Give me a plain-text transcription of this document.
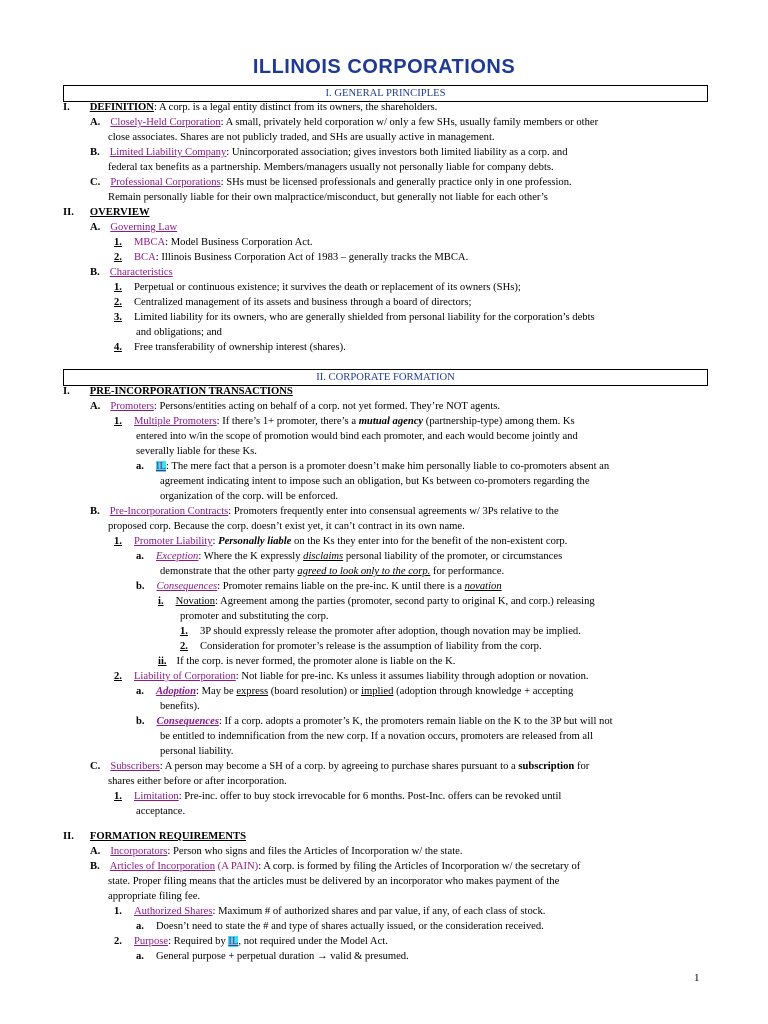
ILLINOIS CORPORATIONS
I. GENERAL PRINCIPLES
I. DEFINITION: A corp. is a legal entity distinct from its owners, the shareholders.
A. Closely-Held Corporation: A small, privately held corporation w/ only a few SHs, usually family members or other
close associates. Shares are not publicly traded, and SHs are usually active in management.
B. Limited Liability Company: Unincorporated association; gives investors both limited liability as a corp. and
federal tax benefits as a partnership. Members/managers usually not personally liable for company debts.
C. Professional Corporations: SHs must be licensed professionals and generally practice only in one profession.
Remain personally liable for their own malpractice/misconduct, but generally not liable for each other’s
II. OVERVIEW
A. Governing Law
1. MBCA: Model Business Corporation Act.
2. BCA: Illinois Business Corporation Act of 1983 – generally tracks the MBCA.
B. Characteristics
1. Perpetual or continuous existence; it survives the death or replacement of its owners (SHs);
2. Centralized management of its assets and business through a board of directors;
3. Limited liability for its owners, who are generally shielded from personal liability for the corporation’s debts
and obligations; and
4. Free transferability of ownership interest (shares).
II. CORPORATE FORMATION
I. PRE-INCORPORATION TRANSACTIONS
A. Promoters: Persons/entities acting on behalf of a corp. not yet formed. They’re NOT agents.
1. Multiple Promoters: If there’s 1+ promoter, there’s a mutual agency (partnership-type) among them. Ks
entered into w/in the scope of promotion would bind each promoter, and each would become jointly and
severally liable for these Ks.
a. IL: The mere fact that a person is a promoter doesn’t make him personally liable to co-promoters absent an
agreement indicating intent to impose such an obligation, but Ks between co-promoters regarding the
organization of the corp. will be enforced.
B. Pre-Incorporation Contracts: Promoters frequently enter into consensual agreements w/ 3Ps relative to the
proposed corp. Because the corp. doesn’t exist yet, it can’t contract in its own name.
1. Promoter Liability: Personally liable on the Ks they enter into for the benefit of the non-existent corp.
a. Exception: Where the K expressly disclaims personal liability of the promoter, or circumstances
demonstrate that the other party agreed to look only to the corp. for performance.
b. Consequences: Promoter remains liable on the pre-inc. K until there is a novation
i. Novation: Agreement among the parties (promoter, second party to original K, and corp.) releasing
promoter and substituting the corp.
1. 3P should expressly release the promoter after adoption, though novation may be implied.
2. Consideration for promoter’s release is the assumption of liability from the corp.
ii. If the corp. is never formed, the promoter alone is liable on the K.
2. Liability of Corporation: Not liable for pre-inc. Ks unless it assumes liability through adoption or novation.
a. Adoption: May be express (board resolution) or implied (adoption through knowledge + accepting
benefits).
b. Consequences: If a corp. adopts a promoter’s K, the promoters remain liable on the K to the 3P but will not
be entitled to indemnification from the new corp. If a novation occurs, promoters are released from all
personal liability.
C. Subscribers: A person may become a SH of a corp. by agreeing to purchase shares pursuant to a subscription for
shares either before or after incorporation.
1. Limitation: Pre-inc. offer to buy stock irrevocable for 6 months. Post-Inc. offers can be revoked until
acceptance.
II. FORMATION REQUIREMENTS
A. Incorporators: Person who signs and files the Articles of Incorporation w/ the state.
B. Articles of Incorporation (A PAIN): A corp. is formed by filing the Articles of Incorporation w/ the secretary of
state. Proper filing means that the articles must be delivered by an incorporator who makes payment of the
appropriate filing fee.
1. Authorized Shares: Maximum # of authorized shares and par value, if any, of each class of stock.
a. Doesn’t need to state the # and type of shares actually issued, or the consideration received.
2. Purpose: Required by IL, not required under the Model Act.
a. General purpose + perpetual duration → valid & presumed.
1
